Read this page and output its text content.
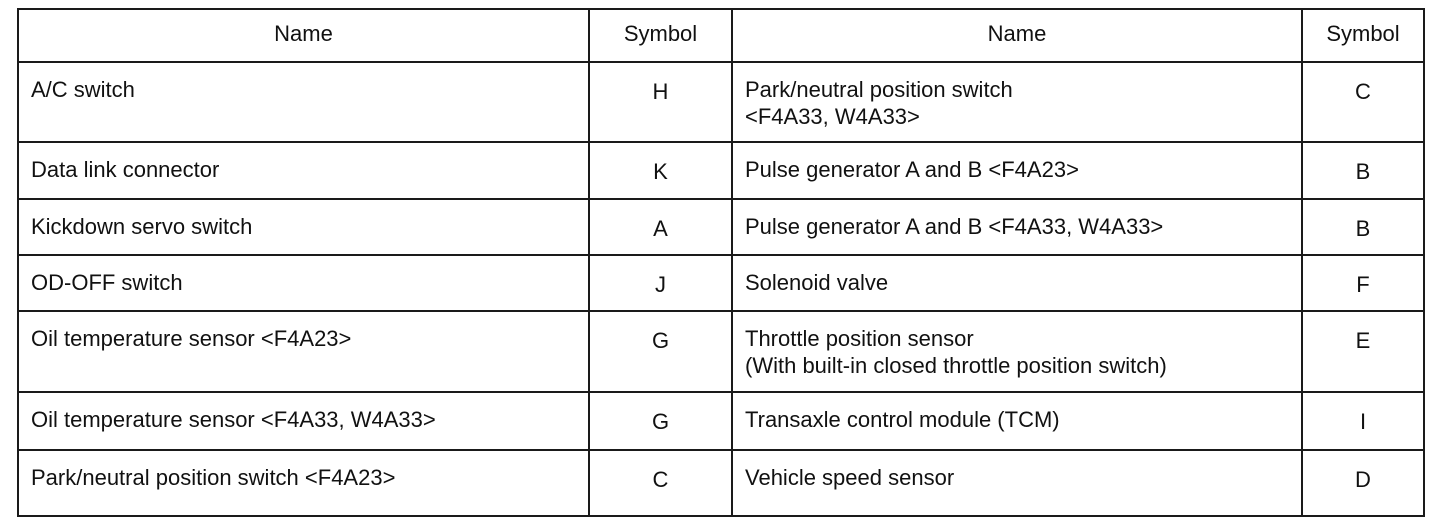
Name	Symbol	Name	Symbol

A/C switch	H	Park/neutral position switch
<F4A33, W4A33>	C

Data link connector	K	Pulse generator A and B <F4A23>	B

Kickdown servo switch	A	Pulse generator A and B <F4A33, W4A33>	B

OD-OFF switch	J	Solenoid valve	F

Oil temperature sensor <F4A23>	G	Throttle position sensor
(With built-in closed throttle position switch)	E

Oil temperature sensor <F4A33, W4A33>	G	Transaxle control module (TCM)	I

Park/neutral position switch <F4A23>	C	Vehicle speed sensor	D
